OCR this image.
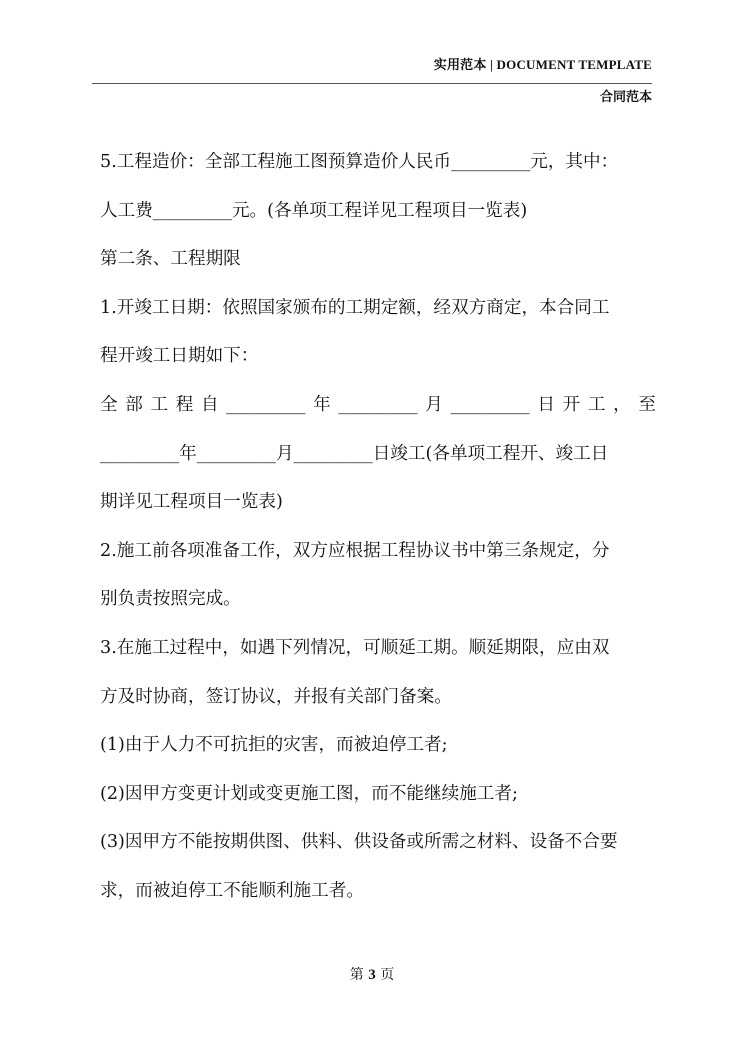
实用范本 | DOCUMENT TEMPLATE
合同范本

5.工程造价：全部工程施工图预算造价人民币_________元，其中：

人工费_________元。(各单项工程详见工程项目一览表)

第二条、工程期限

1.开竣工日期：依照国家颁布的工期定额，经双方商定，本合同工

程开竣工日期如下：

全部工程自_________年_________月_________日开工，至

_________年_________月_________日竣工(各单项工程开、竣工日

期详见工程项目一览表)

2.施工前各项准备工作，双方应根据工程协议书中第三条规定，分

别负责按照完成。

3.在施工过程中，如遇下列情况，可顺延工期。顺延期限，应由双

方及时协商，签订协议，并报有关部门备案。

(1)由于人力不可抗拒的灾害，而被迫停工者;

(2)因甲方变更计划或变更施工图，而不能继续施工者;

(3)因甲方不能按期供图、供料、供设备或所需之材料、设备不合要

求，而被迫停工不能顺利施工者。

第 3 页
